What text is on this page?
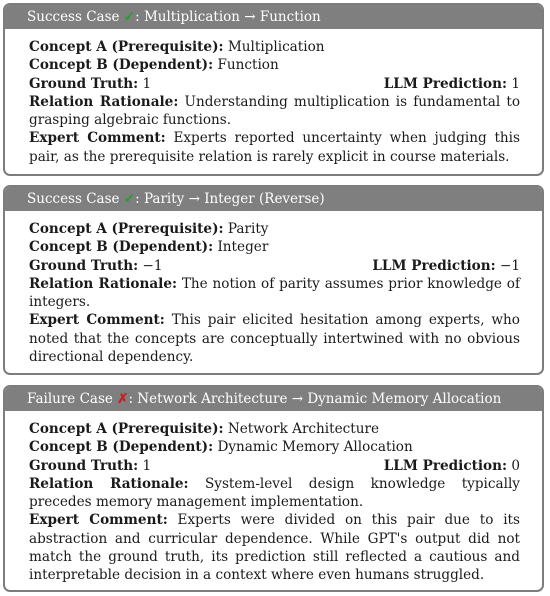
Success Case ✓: Multiplication → Function
Concept A (Prerequisite): Multiplication
Concept B (Dependent): Function
Ground Truth: 1	LLM Prediction: 1
Relation Rationale: Understanding multiplication is fundamental to grasping algebraic functions.
Expert Comment: Experts reported uncertainty when judging this pair, as the prerequisite relation is rarely explicit in course materials.
Success Case ✓: Parity → Integer (Reverse)
Concept A (Prerequisite): Parity
Concept B (Dependent): Integer
Ground Truth: −1	LLM Prediction: −1
Relation Rationale: The notion of parity assumes prior knowledge of integers.
Expert Comment: This pair elicited hesitation among experts, who noted that the concepts are conceptually intertwined with no obvious directional dependency.
Failure Case ✗: Network Architecture → Dynamic Memory Allocation
Concept A (Prerequisite): Network Architecture
Concept B (Dependent): Dynamic Memory Allocation
Ground Truth: 1	LLM Prediction: 0
Relation Rationale: System-level design knowledge typically precedes memory management implementation.
Expert Comment: Experts were divided on this pair due to its abstraction and curricular dependence. While GPT's output did not match the ground truth, its prediction still reflected a cautious and interpretable decision in a context where even humans struggled.
